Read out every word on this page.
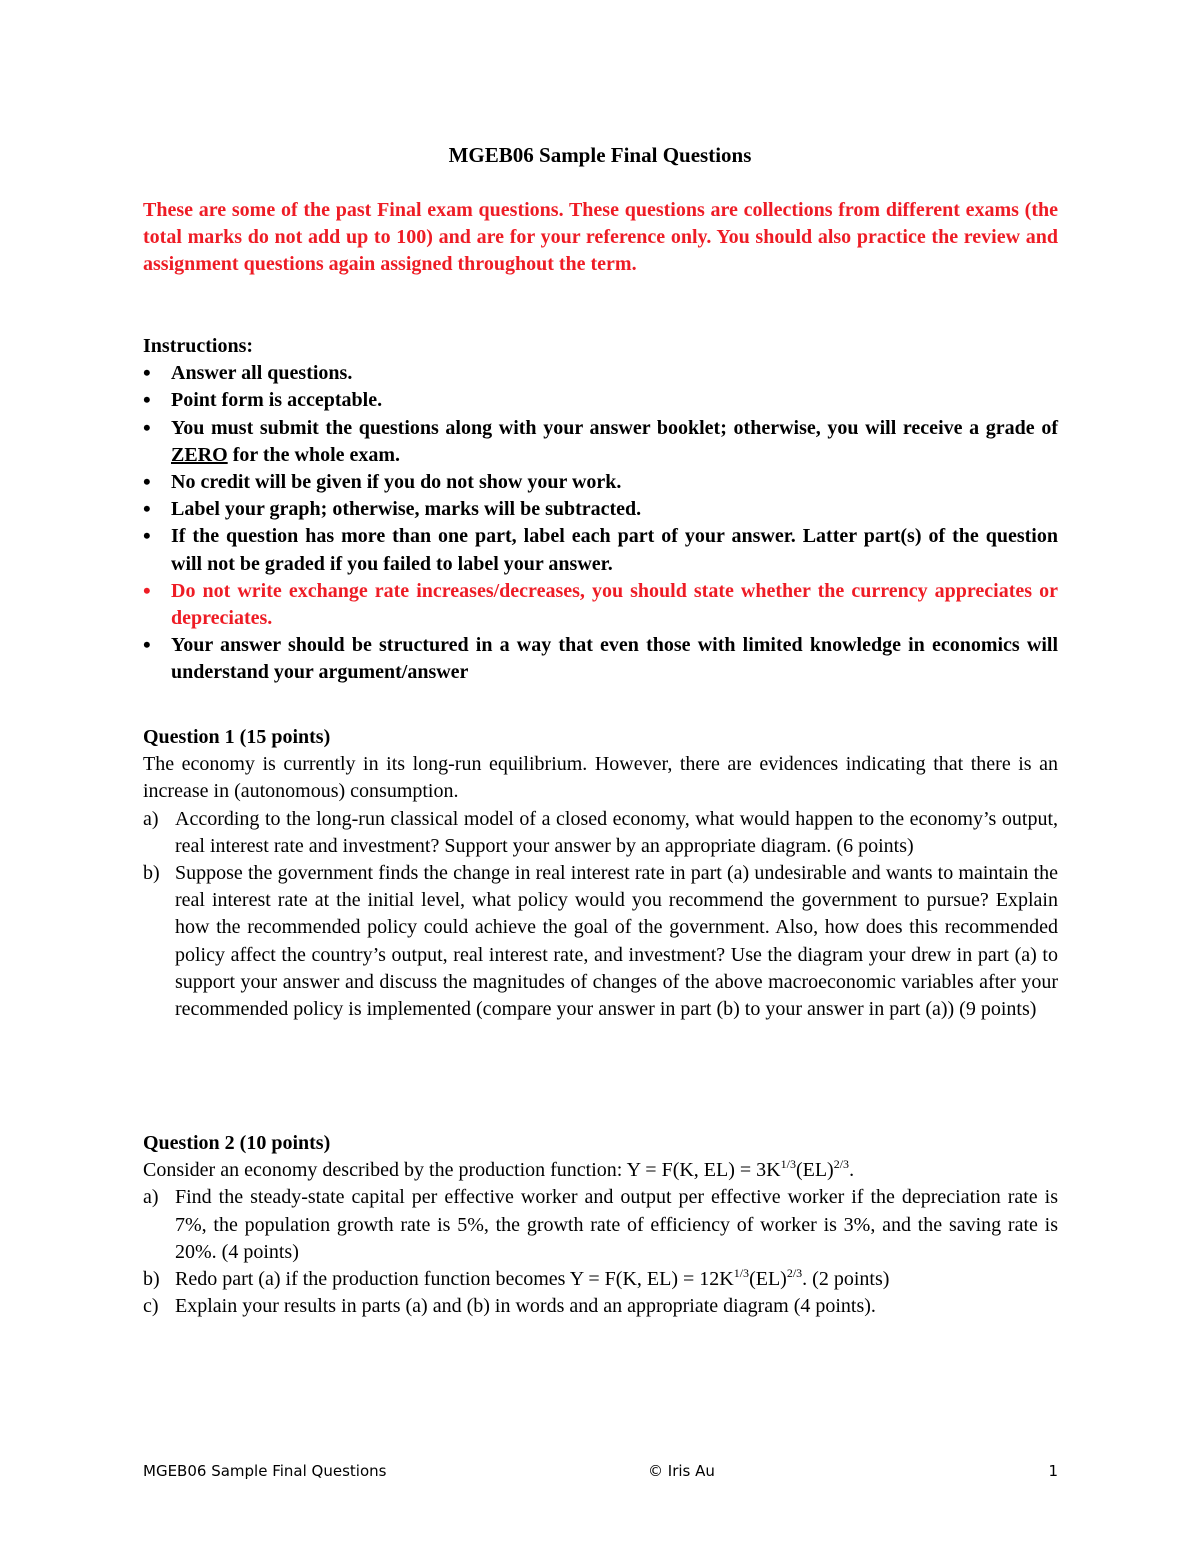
MGEB06 Sample Final Questions
These are some of the past Final exam questions. These questions are collections from different exams (the total marks do not add up to 100) and are for your reference only. You should also practice the review and assignment questions again assigned throughout the term.
Instructions:
• Answer all questions.
• Point form is acceptable.
• You must submit the questions along with your answer booklet; otherwise, you will receive a grade of ZERO for the whole exam.
• No credit will be given if you do not show your work.
• Label your graph; otherwise, marks will be subtracted.
• If the question has more than one part, label each part of your answer. Latter part(s) of the question will not be graded if you failed to label your answer.
• Do not write exchange rate increases/decreases, you should state whether the currency appreciates or depreciates.
• Your answer should be structured in a way that even those with limited knowledge in economics will understand your argument/answer
Question 1 (15 points)
The economy is currently in its long-run equilibrium. However, there are evidences indicating that there is an increase in (autonomous) consumption.
a) According to the long-run classical model of a closed economy, what would happen to the economy’s output, real interest rate and investment? Support your answer by an appropriate diagram. (6 points)
b) Suppose the government finds the change in real interest rate in part (a) undesirable and wants to maintain the real interest rate at the initial level, what policy would you recommend the government to pursue? Explain how the recommended policy could achieve the goal of the government. Also, how does this recommended policy affect the country’s output, real interest rate, and investment? Use the diagram your drew in part (a) to support your answer and discuss the magnitudes of changes of the above macroeconomic variables after your recommended policy is implemented (compare your answer in part (b) to your answer in part (a)) (9 points)
Question 2 (10 points)
Consider an economy described by the production function: Y = F(K, $EL) = 3K^{1/3}(EL)^{2/3}$.
a) Find the steady-state capital per effective worker and output per effective worker if the depreciation rate is 7%, the population growth rate is 5%, the growth rate of efficiency of worker is 3%, and the saving rate is 20%. (4 points)
b) Redo part (a) if the production function becomes Y = F(K, $EL) = 12K^{1/3}(EL)^{2/3}$. (2 points)
c) Explain your results in parts (a) and (b) in words and an appropriate diagram (4 points).
MGEB06 Sample Final Questions	© Iris Au	1
